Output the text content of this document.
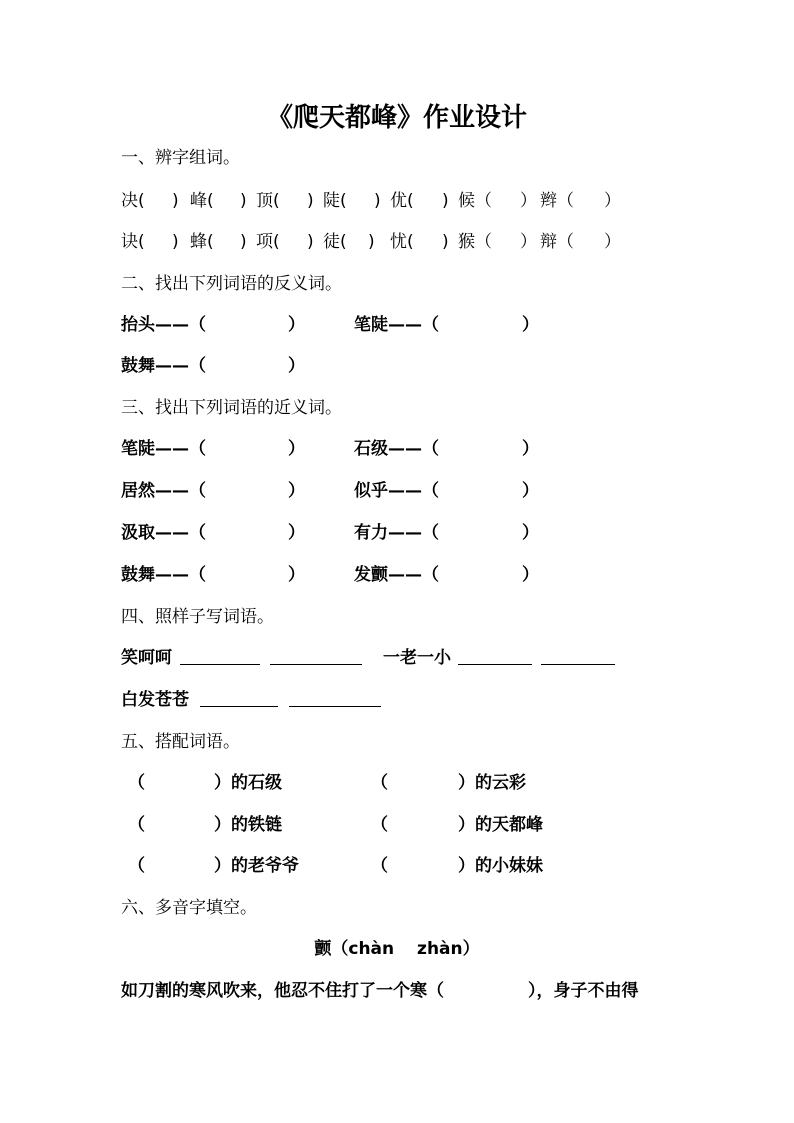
《爬天都峰》作业设计
一、辨字组词。
决( ) 峰( ) 顶( ) 陡( ) 优( ) 候（ ） 辫（ ）
诀( ) 蜂( ) 项( ) 徒( ) 忧( ) 猴（ ） 辩（ ）
二、找出下列词语的反义词。
抬头——（	）	笔陡——（	）
鼓舞——（	）
三、找出下列词语的近义词。
笔陡——（	）	石级——（	）
居然——（	）	似乎——（	）
汲取——（	）	有力——（	）
鼓舞——（	）	发颤——（	）
四、照样子写词语。
笑呵呵	一老一小
白发苍苍
五、搭配词语。
（	）的石级	（	）的云彩
（	）的铁链	（	）的天都峰
（	）的老爷爷	（	）的小妹妹
六、多音字填空。
颤（chàn　 zhàn）
如刀割的寒风吹来，他忍不住打了一个寒（	），身子不由得
